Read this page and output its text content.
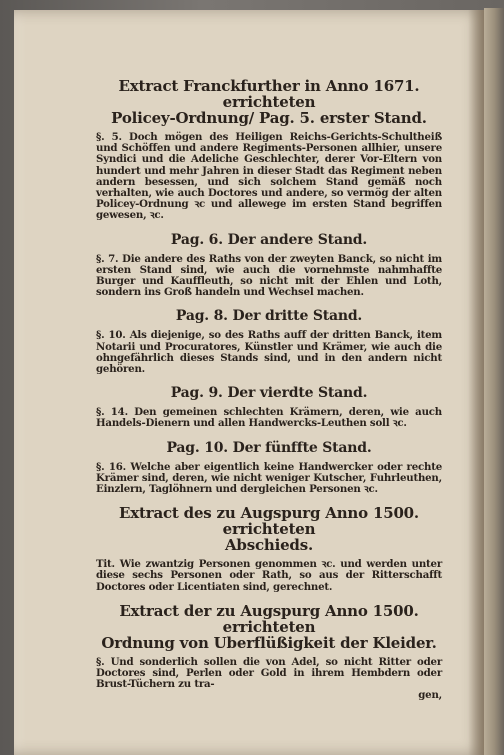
Extract Franckfurther in Anno 1671. errichteten
Policey-Ordnung/ Pag. 5. erster Stand.

§. 5. Doch mögen des Heiligen Reichs-Gerichts-Schultheiß und Schöffen und andere Regiments-Personen allhier, unsere Syndici und die Adeliche Geschlechter, derer Vor-Eltern von hundert und mehr Jahren in dieser Stadt das Regiment neben andern besessen, und sich solchem Stand gemäß noch verhalten, wie auch Doctores und andere, so vermög der alten Policey-Ordnung ꝛc und allewege im ersten Stand begriffen gewesen, ꝛc.

Pag. 6. Der andere Stand.

§. 7. Die andere des Raths von der zweyten Banck, so nicht im ersten Stand sind, wie auch die vornehmste nahmhaffte Burger und Kauffleuth, so nicht mit der Ehlen und Loth, sondern ins Groß handeln und Wechsel machen.

Pag. 8. Der dritte Stand.

§. 10. Als diejenige, so des Raths auff der dritten Banck, item Notarii und Procuratores, Künstler und Krämer, wie auch die ohngefährlich dieses Stands sind, und in den andern nicht gehören.

Pag. 9. Der vierdte Stand.

§. 14. Den gemeinen schlechten Krämern, deren, wie auch Handels-Dienern und allen Handwercks-Leuthen soll ꝛc.

Pag. 10. Der fünffte Stand.

§. 16. Welche aber eigentlich keine Handwercker oder rechte Krämer sind, deren, wie nicht weniger Kutscher, Fuhrleuthen, Einzlern, Taglöhnern und dergleichen Personen ꝛc.

Extract des zu Augspurg Anno 1500. errichteten
Abschieds.

Tit. Wie zwantzig Personen genommen ꝛc. und werden unter diese sechs Personen oder Rath, so aus der Ritterschafft Doctores oder Licentiaten sind, gerechnet.

Extract der zu Augspurg Anno 1500. errichteten
Ordnung von Uberflüßigkeit der Kleider.

§. Und sonderlich sollen die von Adel, so nicht Ritter oder Doctores sind, Perlen oder Gold in ihrem Hembdern oder Brust-Tüchern zu tra-

gen,
